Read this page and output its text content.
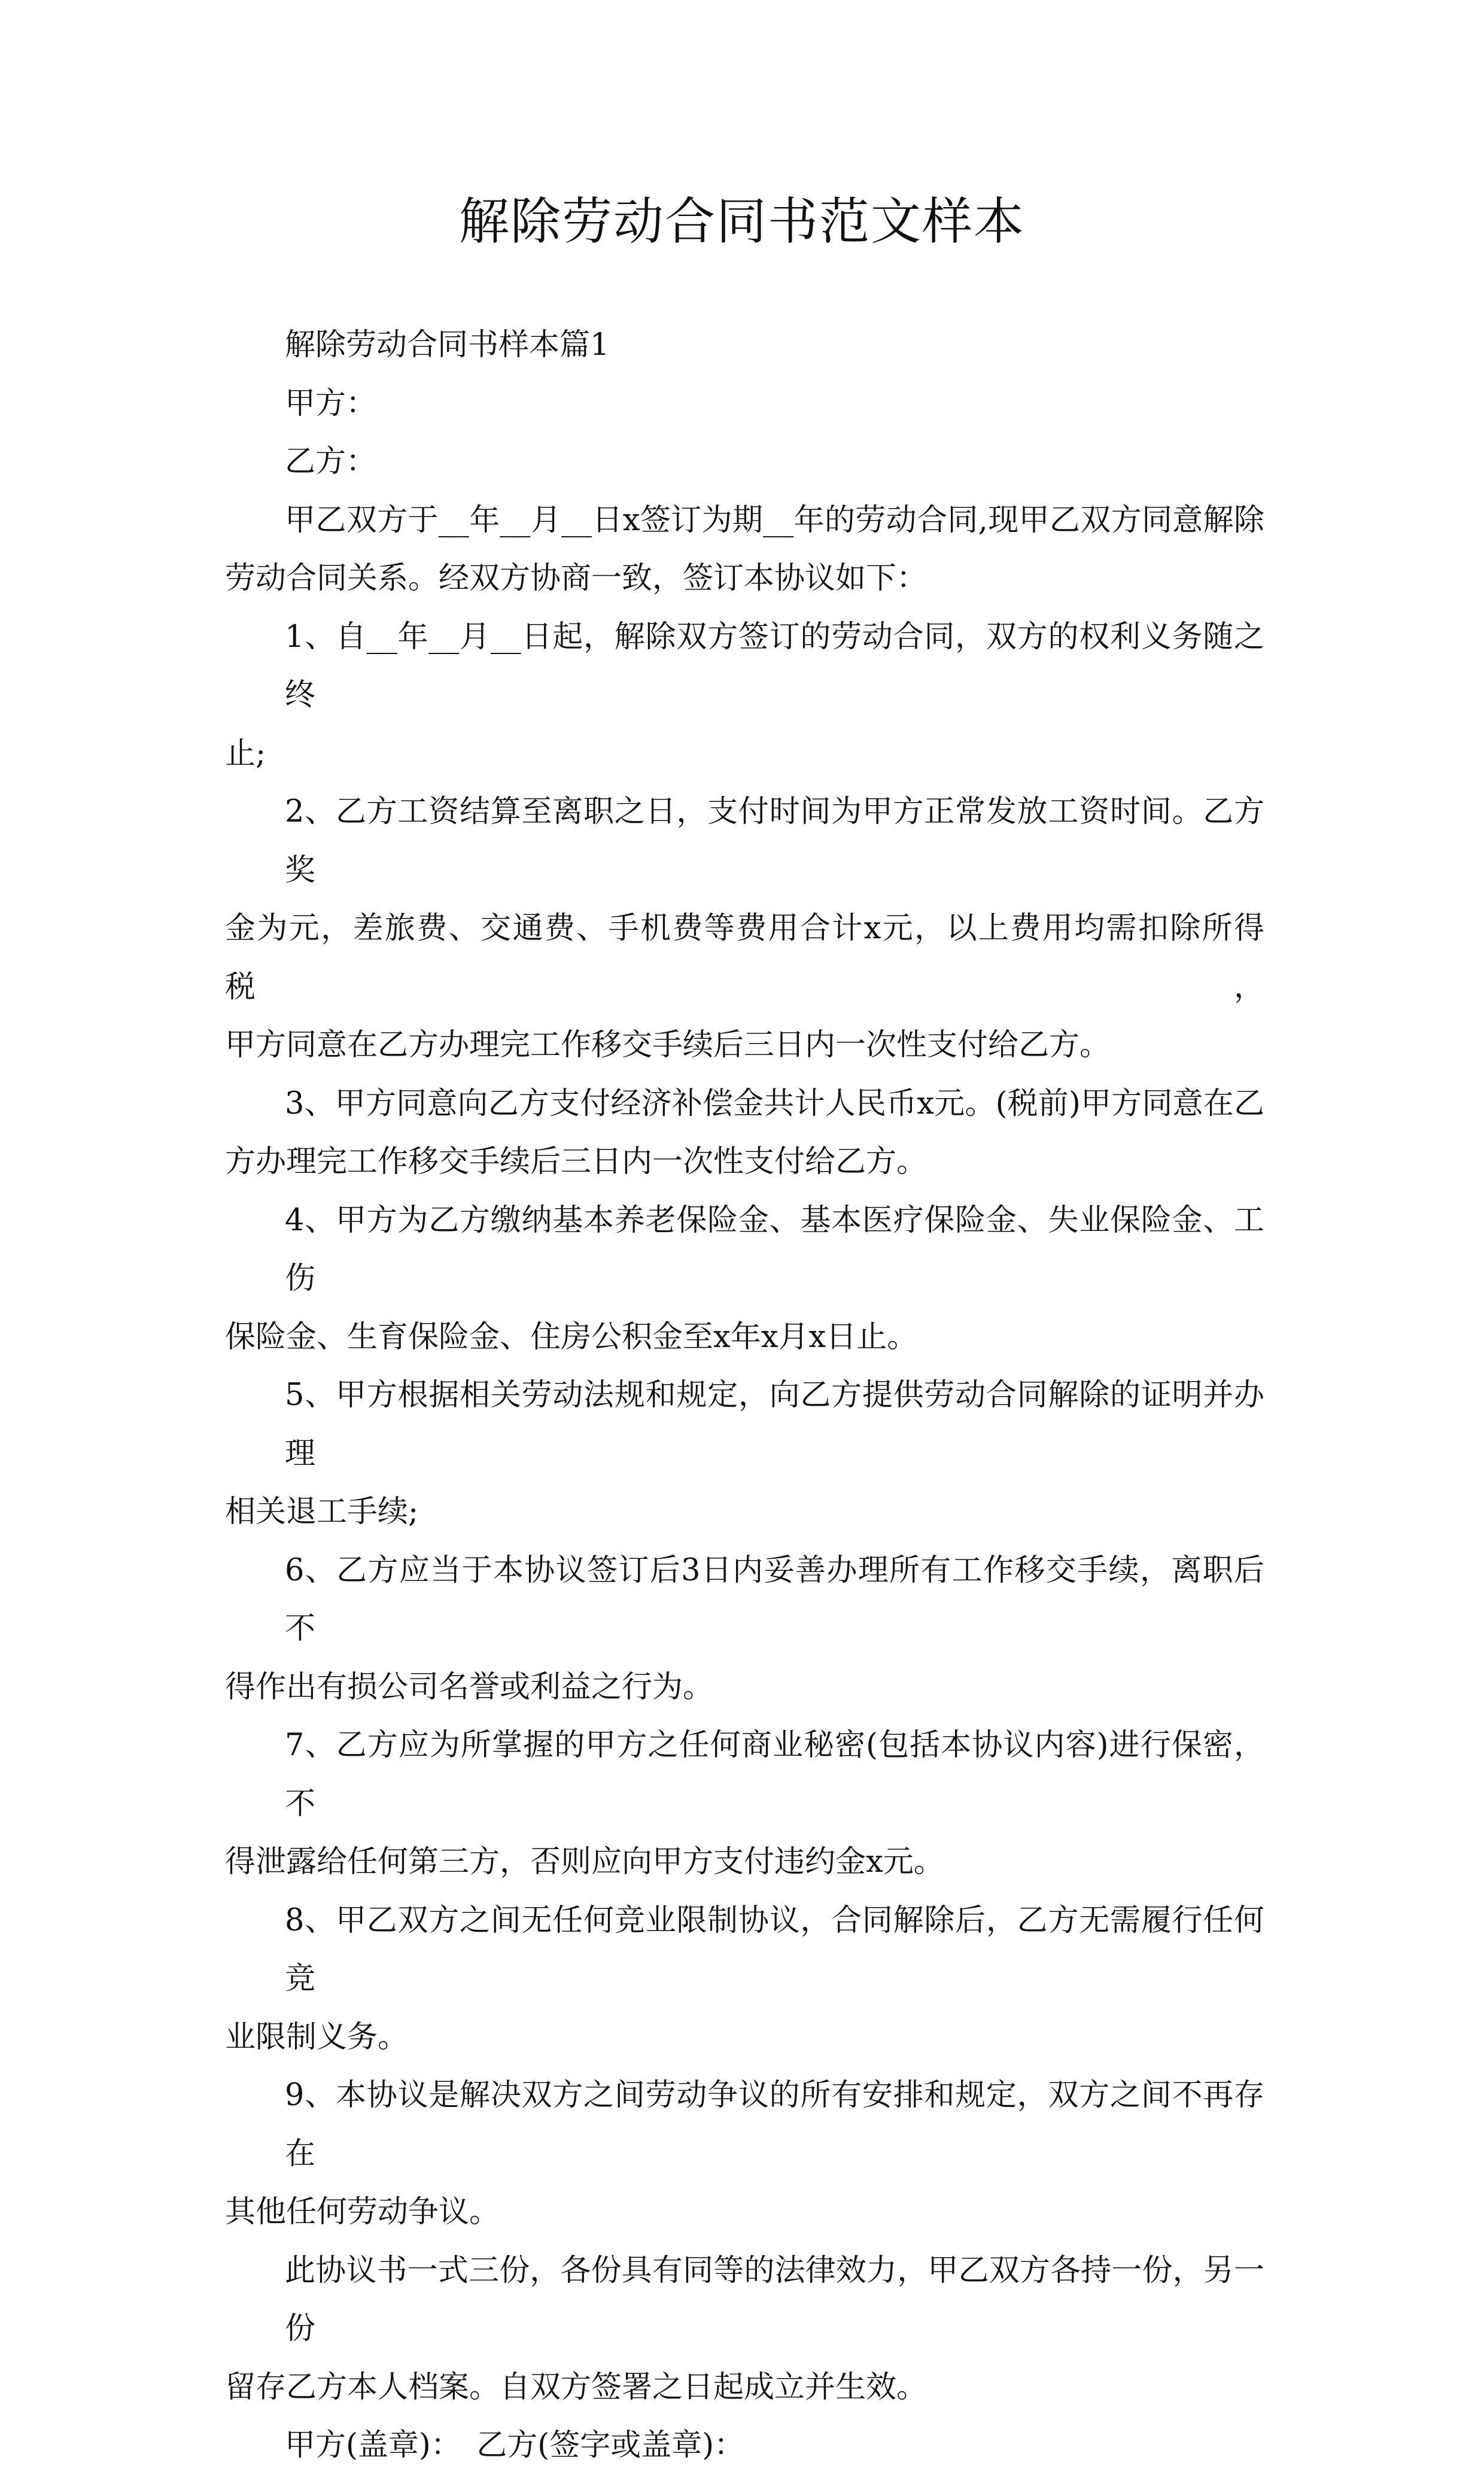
解除劳动合同书范文样本
解除劳动合同书样本篇1
甲方：
乙方：
甲乙双方于__年__月__日x签订为期__年的劳动合同,现甲乙双方同意解除
劳动合同关系。经双方协商一致，签订本协议如下：
1、自__年__月__日起，解除双方签订的劳动合同，双方的权利义务随之终
止;
2、乙方工资结算至离职之日，支付时间为甲方正常发放工资时间。乙方奖
金为元，差旅费、交通费、手机费等费用合计x元，以上费用均需扣除所得税，
甲方同意在乙方办理完工作移交手续后三日内一次性支付给乙方。
3、甲方同意向乙方支付经济补偿金共计人民币x元。(税前)甲方同意在乙
方办理完工作移交手续后三日内一次性支付给乙方。
4、甲方为乙方缴纳基本养老保险金、基本医疗保险金、失业保险金、工伤
保险金、生育保险金、住房公积金至x年x月x日止。
5、甲方根据相关劳动法规和规定，向乙方提供劳动合同解除的证明并办理
相关退工手续;
6、乙方应当于本协议签订后3日内妥善办理所有工作移交手续，离职后不
得作出有损公司名誉或利益之行为。
7、乙方应为所掌握的甲方之任何商业秘密(包括本协议内容)进行保密，不
得泄露给任何第三方，否则应向甲方支付违约金x元。
8、甲乙双方之间无任何竞业限制协议，合同解除后，乙方无需履行任何竞
业限制义务。
9、本协议是解决双方之间劳动争议的所有安排和规定，双方之间不再存在
其他任何劳动争议。
此协议书一式三份，各份具有同等的法律效力，甲乙双方各持一份，另一份
留存乙方本人档案。自双方签署之日起成立并生效。
甲方(盖章)：　乙方(签字或盖章)：
